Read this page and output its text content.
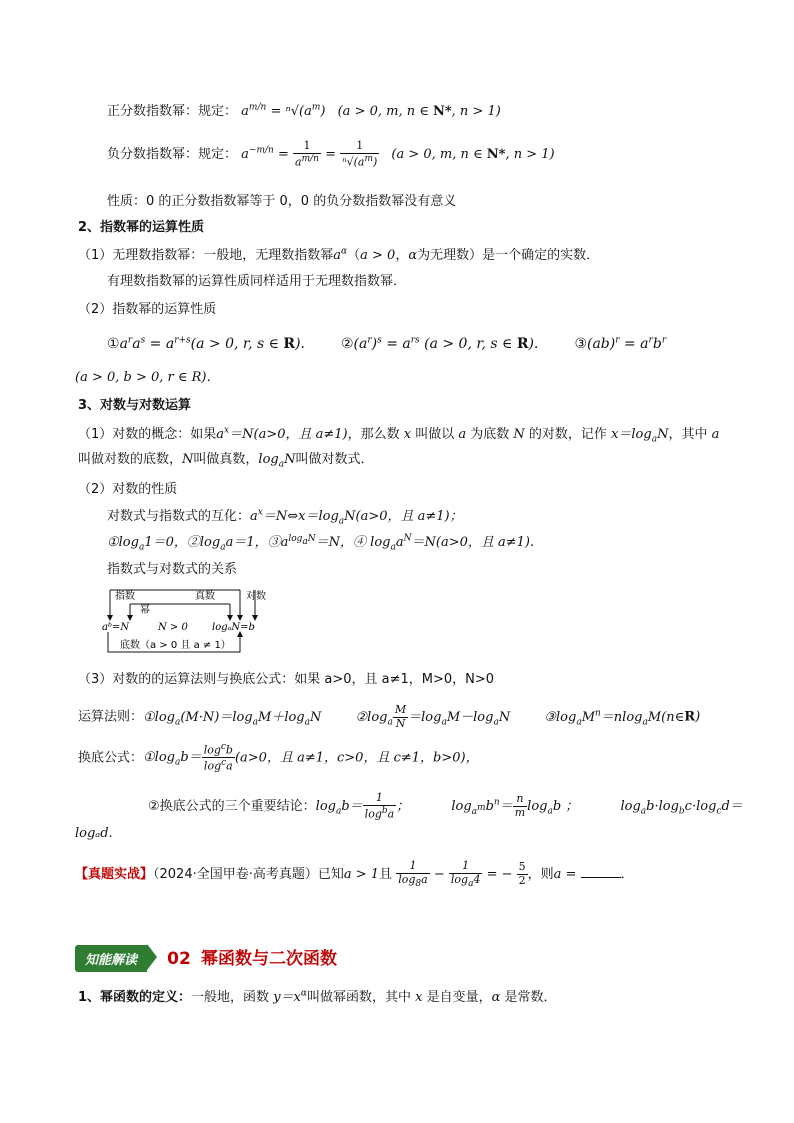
正分数指数幂：规定： $a^{m/n} = ^n√(a^m) (a > 0$, m, n ∈ N*, n > 1)
负分数指数幂：规定： $a^{-m/n} = \frac{1}{a^{m/n}} = \frac{1}{^n√(a^m)} (a > 0$, m, n ∈ N*, n > 1)
性质：0 的正分数指数幂等于 0，0 的负分数指数幂没有意义
2、指数幂的运算性质
（1）无理数指数幂：一般地，无理数指数幂$a^\alpha(a > 0$，α为无理数）是一个确定的实数．
有理数指数幂的运算性质同样适用于无理数指数幂．
（2）指数幂的运算性质
$①a^ra^s = a^{r+s}(a > 0$, r, s ∈ R)． $②(a^r)^s = a^{rs}$ (a > 0, r, s ∈ R)． ③(ab)$^r$ = $a^rb^r$
(a > 0, b > 0, r ∈ R)．
3、对数与对数运算
（1）对数的概念：如果$a^x=N(a>0$，且 a≠1)，那么数 x 叫做以 a 为底数 N 的对数，记作 $x=\log_aN$，其中 a
叫做对数的底数，N叫做真数，$\log_aN$叫做对数式．
（2）对数的性质
对数式与指数式的互化：$a^x=N\Leftrightarrow x=\log_aN(a>0$，且 a≠1)；
$①\log_a1=0$，$②\log_aa=1$，$③a^{log_aN}=N$，④ $\log_aa^N=N(a>0$，且 a≠1).
指数式与对数式的关系
指数	真数	对数
幂
aᵇ=N	N > 0 logₐN=b
底数（a > 0 且 a ≠ 1）
（3）对数的的运算法则与换底公式：如果 a>0，且 a≠1，M>0，N>0
运算法则：$①\log_a(M\cdot N)=\log_aM+\log_aN$	$②\log_a \frac{M}{N} =\log_aM-\log_aN$	$③\log_aM^n=nlog_aM(n\in R)$
换底公式：$①\log_ab= \frac{\log^cb}{\log^ca} (a>0$，且 a≠1，c>0，且 c≠1，b>0)，
②换底公式的三个重要结论：$\log_ab= \frac{1}{\log^ba}$ ；	$\log_{a^m}b^n= \frac{n}{m} \log_ab$ ；	$\log_ab\cdot\log_bc\cdot\log_cd=$
logₐd.
【真题实战】（2024·全国甲卷·高考真题）已知a > 1且 $\frac{1}{\log_8a} - \frac{1}{\log_a4}$ = − $\frac{5}{2}$ ，则a =	．
知能解读 02 幂函数与二次函数
1、幂函数的定义：一般地，函数 $y=x^\alpha$叫做幂函数，其中 x 是自变量，α 是常数．
